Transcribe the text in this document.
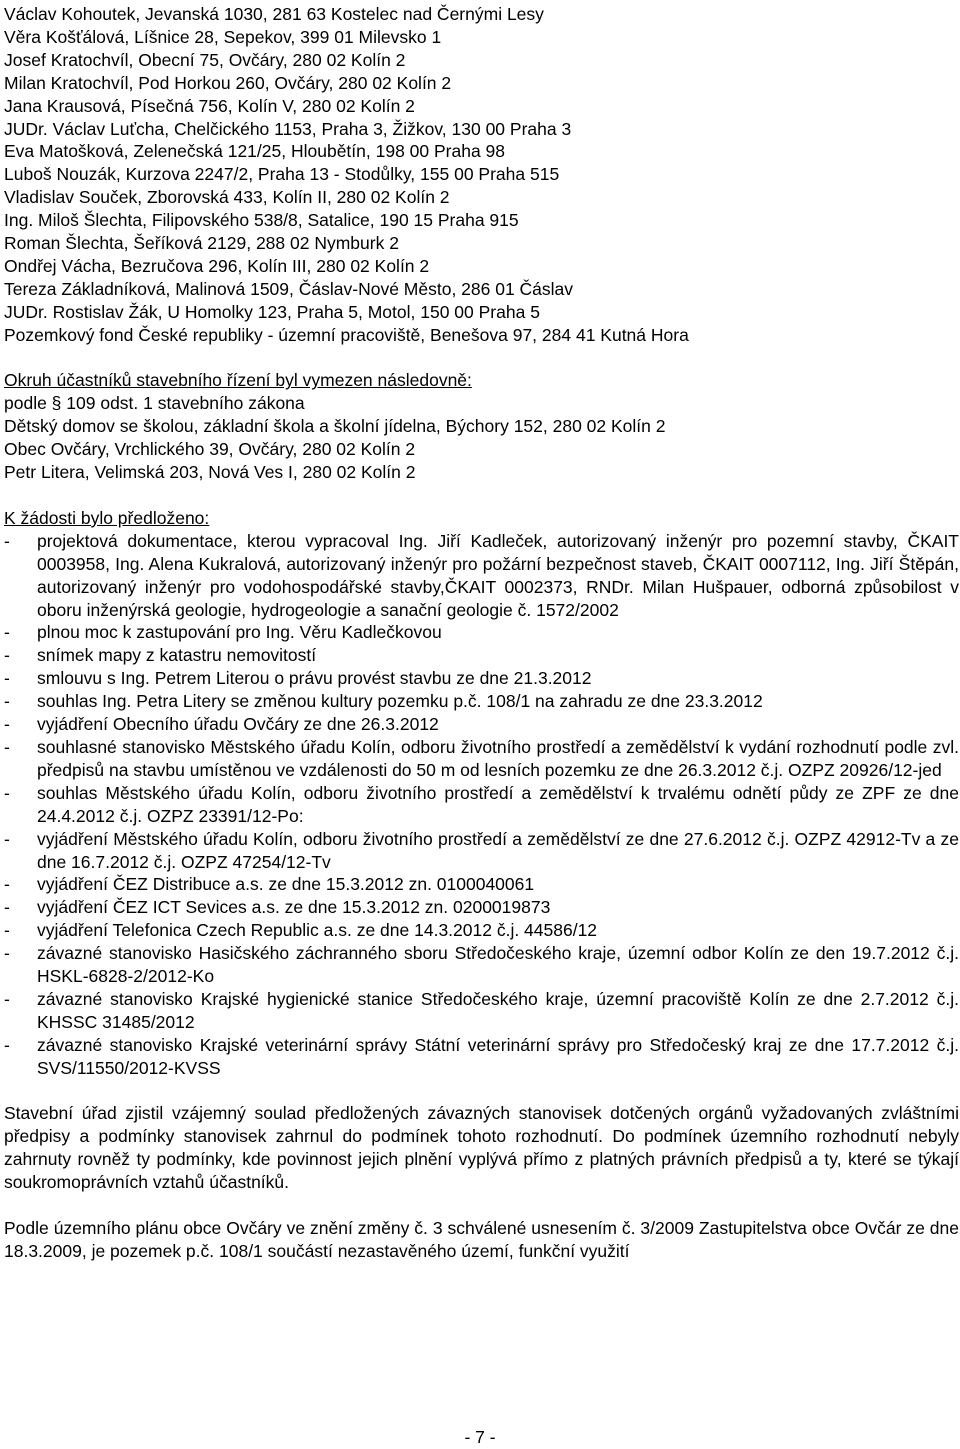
Václav Kohoutek, Jevanská 1030, 281 63 Kostelec nad Černými Lesy
Věra Košťálová, Líšnice 28, Sepekov, 399 01 Milevsko 1
Josef Kratochvíl, Obecní 75, Ovčáry, 280 02 Kolín 2
Milan Kratochvíl, Pod Horkou 260, Ovčáry, 280 02 Kolín 2
Jana Krausová, Písečná 756, Kolín V, 280 02 Kolín 2
JUDr. Václav Luťcha, Chelčického 1153, Praha 3, Žižkov, 130 00 Praha 3
Eva Matošková, Zelenečská 121/25, Hloubětín, 198 00 Praha 98
Luboš Nouzák, Kurzova 2247/2, Praha 13 - Stodůlky, 155 00 Praha 515
Vladislav Souček, Zborovská 433, Kolín II, 280 02 Kolín 2
Ing. Miloš Šlechta, Filipovského 538/8, Satalice, 190 15 Praha 915
Roman Šlechta, Šeříková 2129, 288 02 Nymburk 2
Ondřej Vácha, Bezručova 296, Kolín III, 280 02 Kolín 2
Tereza Základníková, Malinová 1509, Čáslav-Nové Město, 286 01 Čáslav
JUDr. Rostislav Žák, U Homolky 123, Praha 5, Motol, 150 00 Praha 5
Pozemkový fond České republiky - územní pracoviště, Benešova 97, 284 41 Kutná Hora
Okruh účastníků stavebního řízení byl vymezen následovně:
podle § 109 odst. 1 stavebního zákona
Dětský domov se školou, základní škola a školní jídelna, Býchory 152, 280 02 Kolín 2
Obec Ovčáry, Vrchlického 39, Ovčáry, 280 02 Kolín 2
Petr Litera, Velimská 203, Nová Ves I, 280 02 Kolín 2
K žádosti bylo předloženo:
-	projektová dokumentace, kterou vypracoval Ing. Jiří Kadleček, autorizovaný inženýr pro pozemní stavby, ČKAIT 0003958, Ing. Alena Kukralová, autorizovaný inženýr pro požární bezpečnost staveb, ČKAIT 0007112, Ing. Jiří Štěpán, autorizovaný inženýr pro vodohospodářské stavby,ČKAIT 0002373, RNDr. Milan Hušpauer, odborná způsobilost v oboru inženýrská geologie, hydrogeologie a sanační geologie č. 1572/2002
-	plnou moc k zastupování pro Ing. Věru Kadlečkovou
-	snímek mapy z katastru nemovitostí
-	smlouvu s Ing. Petrem Literou o právu provést stavbu ze dne 21.3.2012
-	souhlas Ing. Petra Litery se změnou kultury pozemku p.č. 108/1 na zahradu ze dne 23.3.2012
-	vyjádření Obecního úřadu Ovčáry ze dne 26.3.2012
-	souhlasné stanovisko Městského úřadu Kolín, odboru životního prostředí a zemědělství k vydání rozhodnutí podle zvl. předpisů na stavbu umístěnou ve vzdálenosti do 50 m od lesních pozemku ze dne 26.3.2012 č.j. OZPZ 20926/12-jed
-	souhlas Městského úřadu Kolín, odboru životního prostředí a zemědělství k trvalému odnětí půdy ze ZPF ze dne 24.4.2012 č.j. OZPZ 23391/12-Po:
-	vyjádření Městského úřadu Kolín, odboru životního prostředí a zemědělství ze dne 27.6.2012 č.j. OZPZ 42912-Tv a ze dne 16.7.2012 č.j. OZPZ 47254/12-Tv
-	vyjádření ČEZ Distribuce a.s. ze dne 15.3.2012 zn. 0100040061
-	vyjádření ČEZ ICT Sevices a.s. ze dne 15.3.2012 zn. 0200019873
-	vyjádření Telefonica Czech Republic a.s. ze dne 14.3.2012 č.j. 44586/12
-	závazné stanovisko Hasičského záchranného sboru Středočeského kraje, územní odbor Kolín ze den 19.7.2012 č.j. HSKL-6828-2/2012-Ko
-	závazné stanovisko Krajské hygienické stanice Středočeského kraje, územní pracoviště Kolín ze dne 2.7.2012 č.j. KHSSC 31485/2012
-	závazné stanovisko Krajské veterinární správy Státní veterinární správy pro Středočeský kraj ze dne 17.7.2012 č.j. SVS/11550/2012-KVSS
Stavební úřad zjistil vzájemný soulad předložených závazných stanovisek dotčených orgánů vyžadovaných zvláštními předpisy a podmínky stanovisek zahrnul do podmínek tohoto rozhodnutí. Do podmínek územního rozhodnutí nebyly zahrnuty rovněž ty podmínky, kde povinnost jejich plnění vyplývá přímo z platných právních předpisů a ty, které se týkají soukromoprávních vztahů účastníků.
Podle územního plánu obce Ovčáry ve znění změny č. 3 schválené usnesením č. 3/2009 Zastupitelstva obce Ovčár ze dne 18.3.2009, je pozemek p.č. 108/1 součástí nezastavěného území, funkční využití
- 7 -
